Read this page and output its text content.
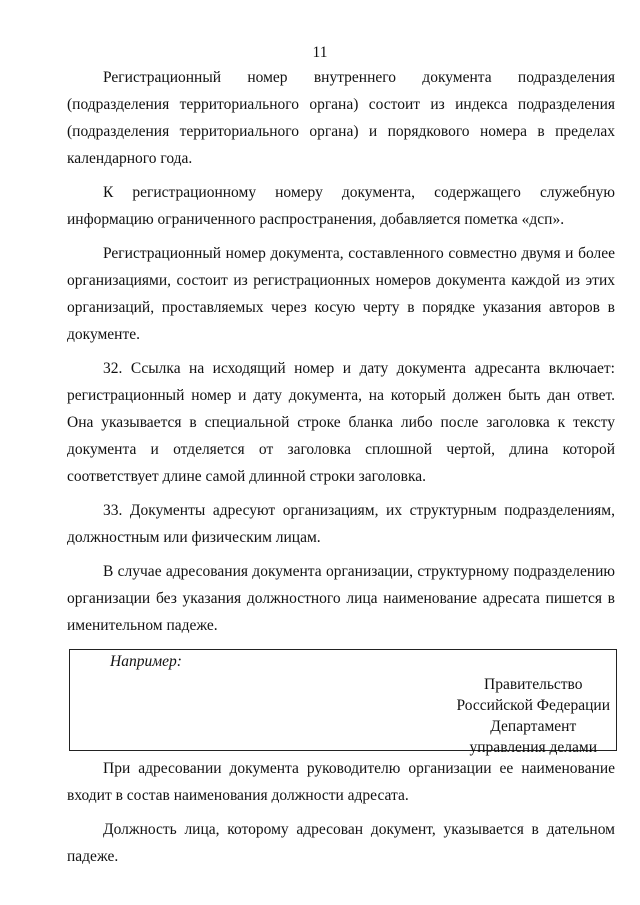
11

Регистрационный номер внутреннего документа подразделения (подразделения территориального органа) состоит из индекса подразделения (подразделения территориального органа) и порядкового номера в пределах календарного года.

К регистрационному номеру документа, содержащего служебную информацию ограниченного распространения, добавляется пометка «дсп».

Регистрационный номер документа, составленного совместно двумя и более организациями, состоит из регистрационных номеров документа каждой из этих организаций, проставляемых через косую черту в порядке указания авторов в документе.

32. Ссылка на исходящий номер и дату документа адресанта включает: регистрационный номер и дату документа, на который должен быть дан ответ. Она указывается в специальной строке бланка либо после заголовка к тексту документа и отделяется от заголовка сплошной чертой, длина которой соответствует длине самой длинной строки заголовка.

33. Документы адресуют организациям, их структурным подразделениям, должностным или физическим лицам.

В случае адресования документа организации, структурному подразделению организации без указания должностного лица наименование адресата пишется в именительном падеже.

Например:
Правительство
Российской Федерации
Департамент
управления делами

При адресовании документа руководителю организации ее наименование входит в состав наименования должности адресата.

Должность лица, которому адресован документ, указывается в дательном падеже.
